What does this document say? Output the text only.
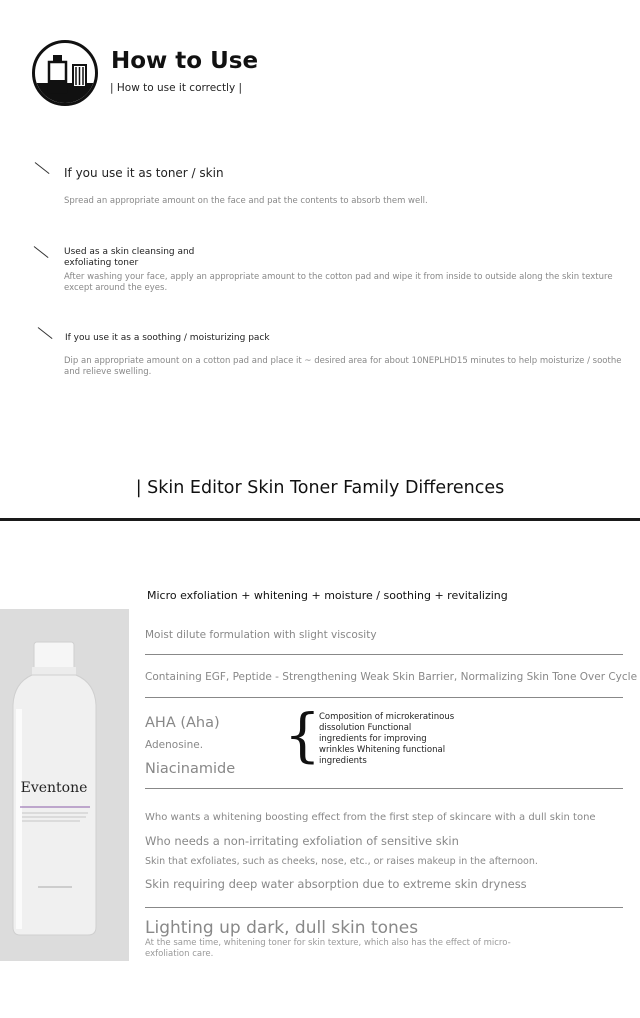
How to Use
| How to use it correctly |
If you use it as toner / skin
Spread an appropriate amount on the face and pat the contents to absorb them well.
Used as a skin cleansing and exfoliating toner
After washing your face, apply an appropriate amount to the cotton pad and wipe it from inside to outside along the skin texture except around the eyes.
If you use it as a soothing / moisturizing pack
Dip an appropriate amount on a cotton pad and place it ~ desired area for about 10NEPLHD15 minutes to help moisturize / soothe and relieve swelling.
| Skin Editor Skin Toner Family Differences
Eventone
Micro exfoliation + whitening + moisture / soothing + revitalizing
Moist dilute formulation with slight viscosity
Containing EGF, Peptide - Strengthening Weak Skin Barrier, Normalizing Skin Tone Over Cycle
AHA (Aha)
Adenosine.
Niacinamide {
Composition of microkeratinous dissolution Functional ingredients for improving wrinkles Whitening functional ingredients
Who wants a whitening boosting effect from the first step of skincare with a dull skin tone
Who needs a non-irritating exfoliation of sensitive skin
Skin that exfoliates, such as cheeks, nose, etc., or raises makeup in the afternoon.
Skin requiring deep water absorption due to extreme skin dryness
Lighting up dark, dull skin tones
At the same time, whitening toner for skin texture, which also has the effect of micro-exfoliation care.
